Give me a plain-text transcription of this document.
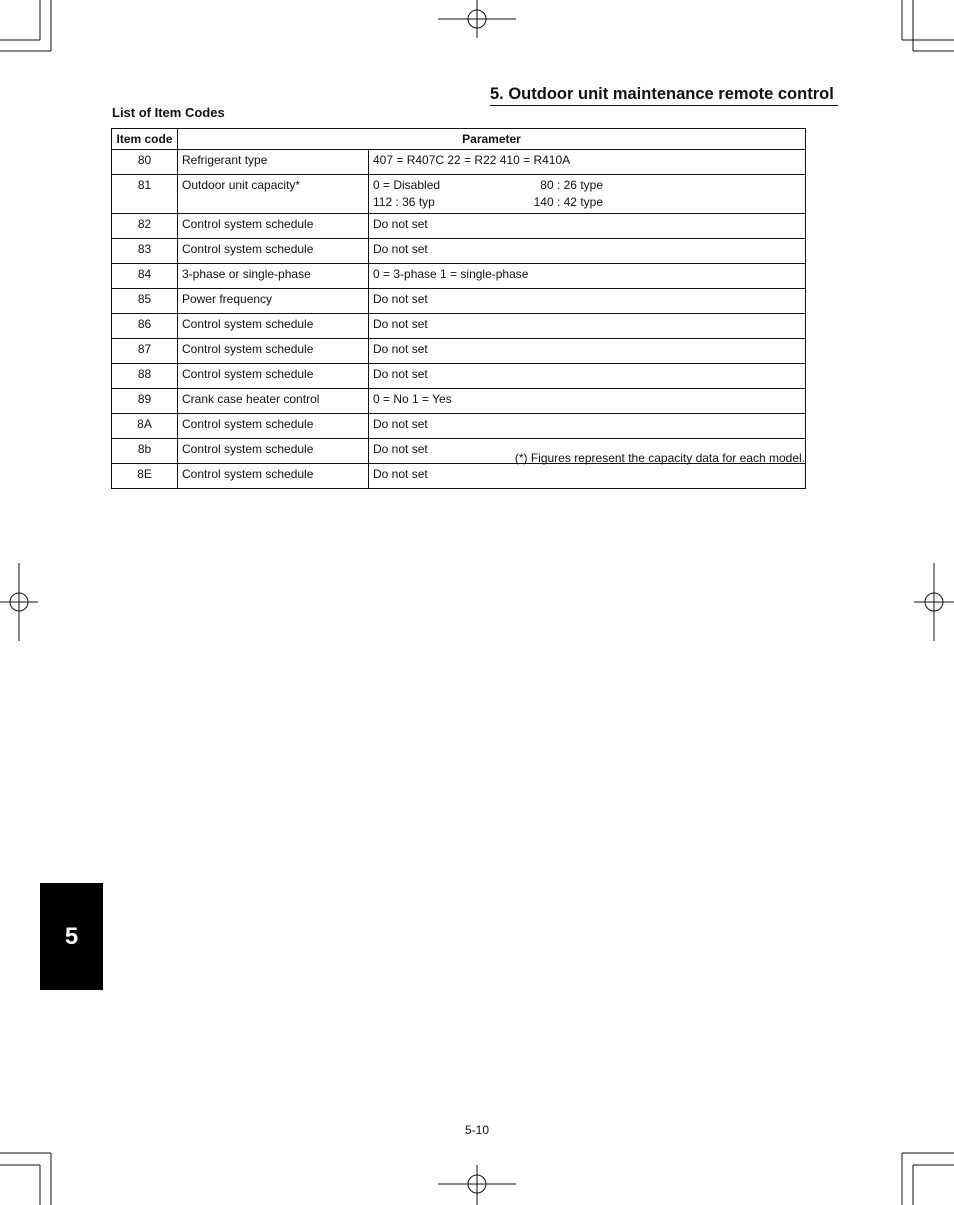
5. Outdoor unit maintenance remote control
List of Item Codes
Item code	Parameter	
80	Refrigerant type	407 = R407C 22 = R22 410 = R410A
81	Outdoor unit capacity*	0 = Disabled 80 : 26 type
112 : 36 typ 140 : 42 type

82	Control system schedule	Do not set
83	Control system schedule	Do not set
84	3-phase or single-phase	0 = 3-phase 1 = single-phase
85	Power frequency	Do not set
86	Control system schedule	Do not set
87	Control system schedule	Do not set
88	Control system schedule	Do not set
89	Crank case heater control	0 = No 1 = Yes
8A	Control system schedule	Do not set
8b	Control system schedule	Do not set
8E	Control system schedule	Do not set
(*) Figures represent the capacity data for each model.
5
5-10
